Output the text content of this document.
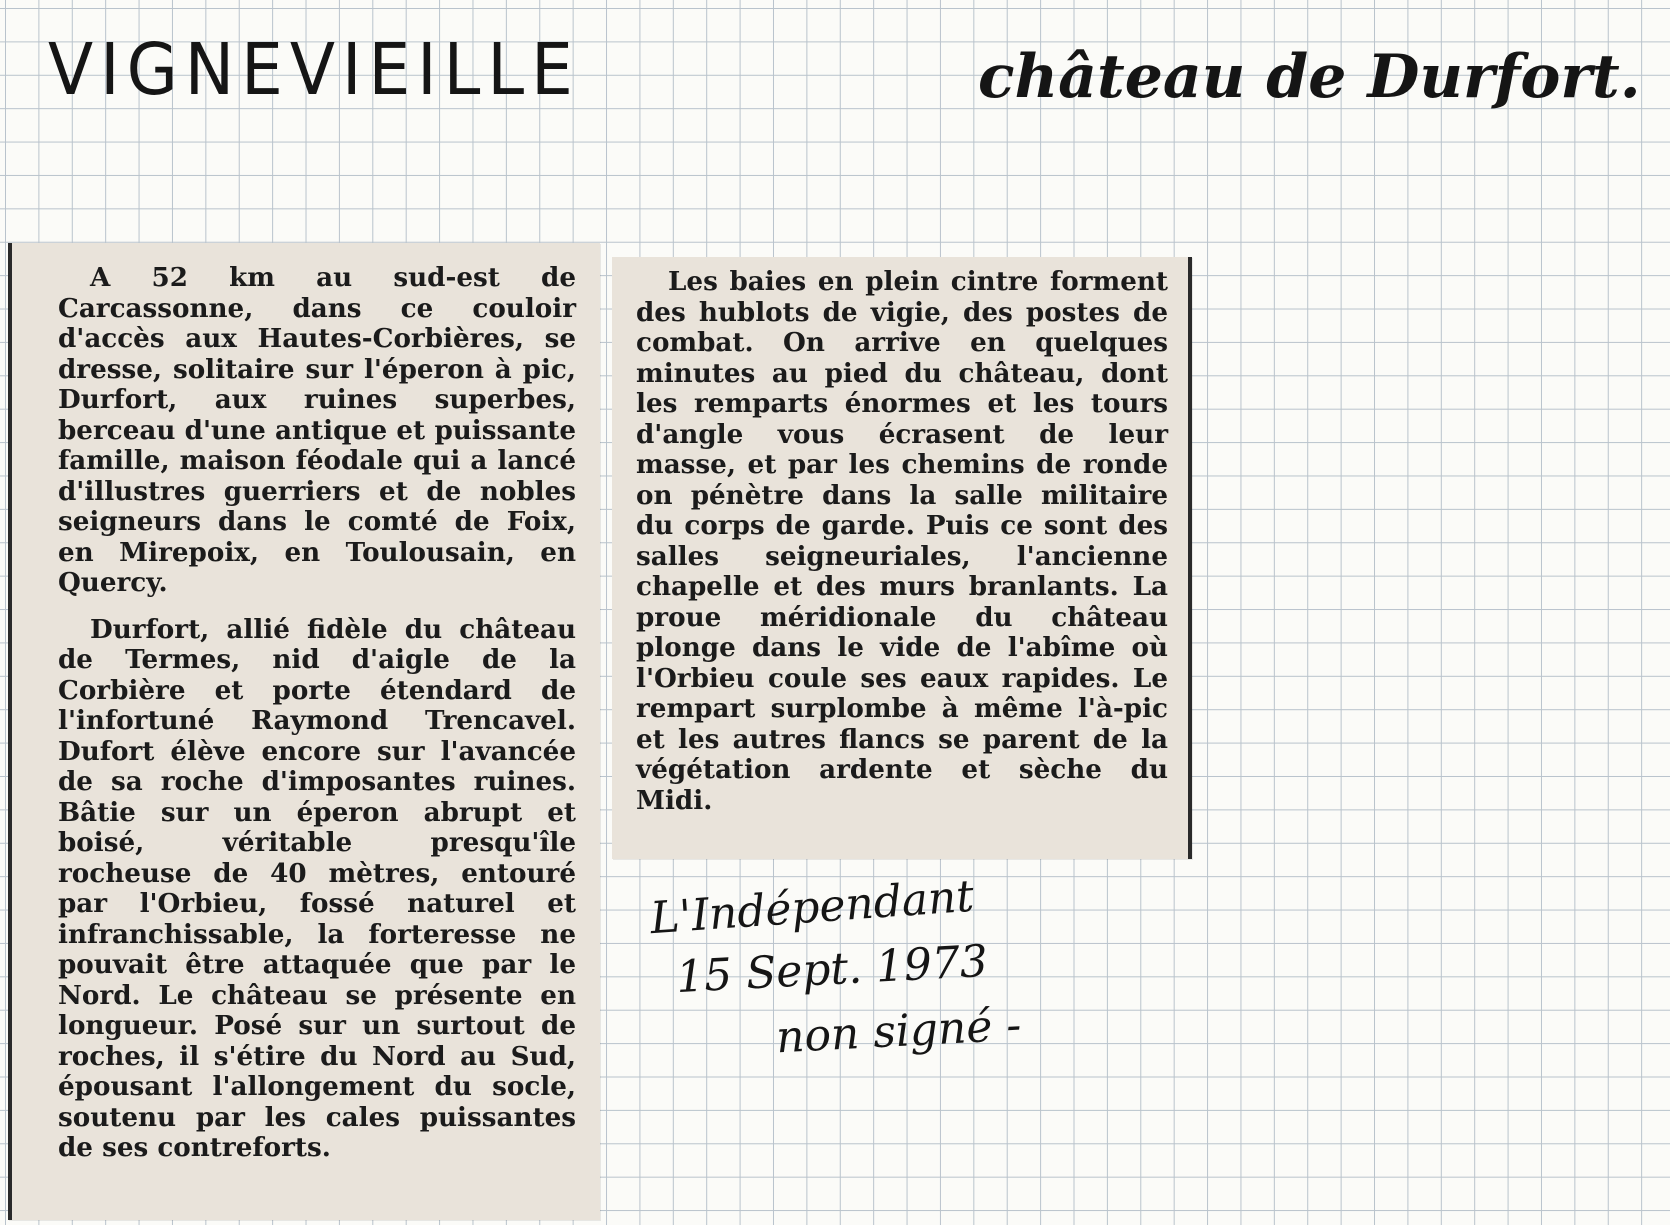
VIGNEVIEILLE	château de Durfort.

A 52 km au sud-est de Carcassonne, dans ce couloir d'accès aux Hautes-Corbières, se dresse, solitaire sur l'éperon à pic, Durfort, aux ruines superbes, berceau d'une antique et puissante famille, maison féodale qui a lancé d'illustres guerriers et de nobles seigneurs dans le comté de Foix, en Mirepoix, en Toulousain, en Quercy.

Durfort, allié fidèle du château de Termes, nid d'aigle de la Corbière et porte étendard de l'infortuné Raymond Trencavel. Dufort élève encore sur l'avancée de sa roche d'imposantes ruines. Bâtie sur un éperon abrupt et boisé, véritable presqu'île rocheuse de 40 mètres, entouré par l'Orbieu, fossé naturel et infranchissable, la forteresse ne pouvait être attaquée que par le Nord. Le château se présente en longueur. Posé sur un surtout de roches, il s'étire du Nord au Sud, épousant l'allongement du socle, soutenu par les cales puissantes de ses contreforts.

Les baies en plein cintre forment des hublots de vigie, des postes de combat. On arrive en quelques minutes au pied du château, dont les remparts énormes et les tours d'angle vous écrasent de leur masse, et par les chemins de ronde on pénètre dans la salle militaire du corps de garde. Puis ce sont des salles seigneuriales, l'ancienne chapelle et des murs branlants. La proue méridionale du château plonge dans le vide de l'abîme où l'Orbieu coule ses eaux rapides. Le rempart surplombe à même l'à-pic et les autres flancs se parent de la végétation ardente et sèche du Midi.

L'Indépendant
15 Sept. 1973
non signé -
